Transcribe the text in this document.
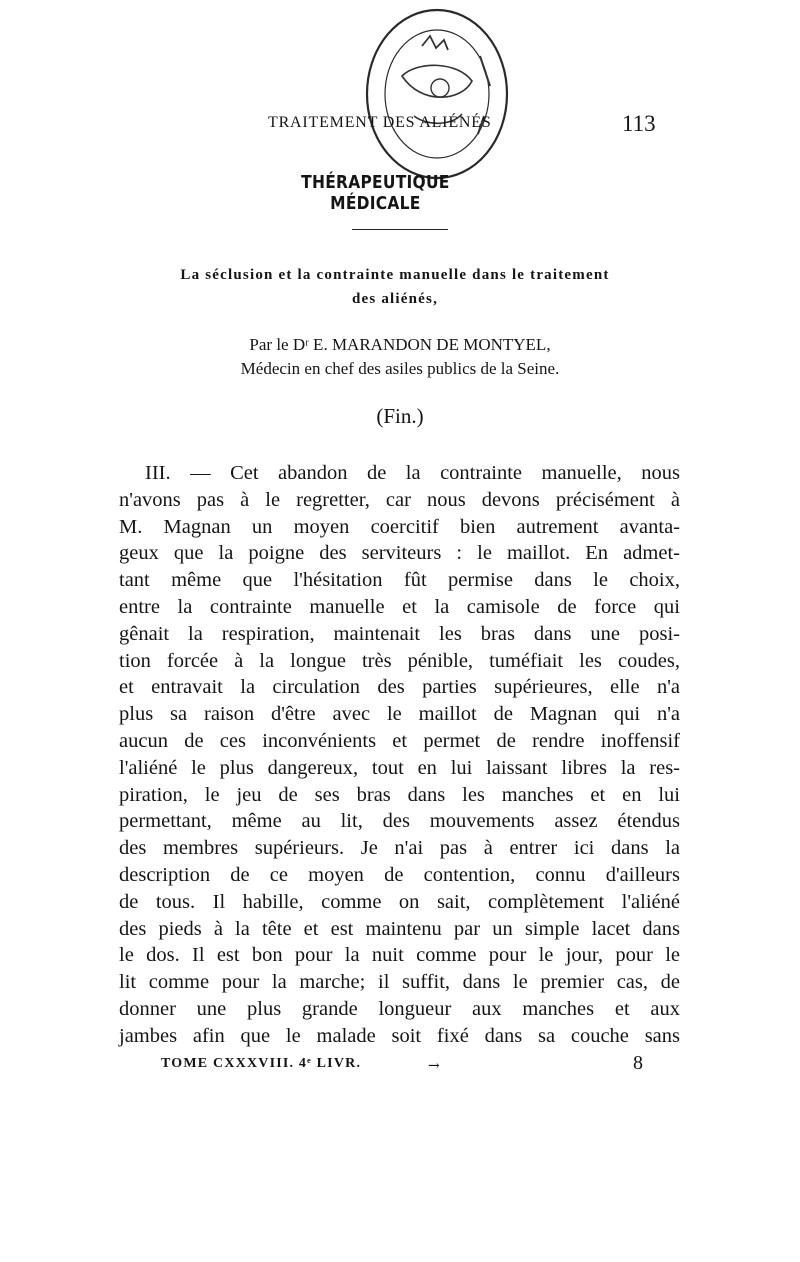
TRAITEMENT DES ALIÉNÉS	113
THÉRAPEUTIQUE MÉDICALE
La séclusion et la contrainte manuelle dans le traitement
des aliénés,
Par le Dʳ E. MARANDON DE MONTYEL,
Médecin en chef des asiles publics de la Seine.
(Fin.)
III. — Cet abandon de la contrainte manuelle, nous
n'avons pas à le regretter, car nous devons précisément à
M. Magnan un moyen coercitif bien autrement avanta-
geux que la poigne des serviteurs : le maillot. En admet-
tant même que l'hésitation fût permise dans le choix,
entre la contrainte manuelle et la camisole de force qui
gênait la respiration, maintenait les bras dans une posi-
tion forcée à la longue très pénible, tuméfiait les coudes,
et entravait la circulation des parties supérieures, elle n'a
plus sa raison d'être avec le maillot de Magnan qui n'a
aucun de ces inconvénients et permet de rendre inoffensif
l'aliéné le plus dangereux, tout en lui laissant libres la res-
piration, le jeu de ses bras dans les manches et en lui
permettant, même au lit, des mouvements assez étendus
des membres supérieurs. Je n'ai pas à entrer ici dans la
description de ce moyen de contention, connu d'ailleurs
de tous. Il habille, comme on sait, complètement l'aliéné
des pieds à la tête et est maintenu par un simple lacet dans
le dos. Il est bon pour la nuit comme pour le jour, pour le
lit comme pour la marche; il suffit, dans le premier cas, de
donner une plus grande longueur aux manches et aux
jambes afin que le malade soit fixé dans sa couche sans
TOME CXXXVIII. 4ᵉ LIVR.	→	8
